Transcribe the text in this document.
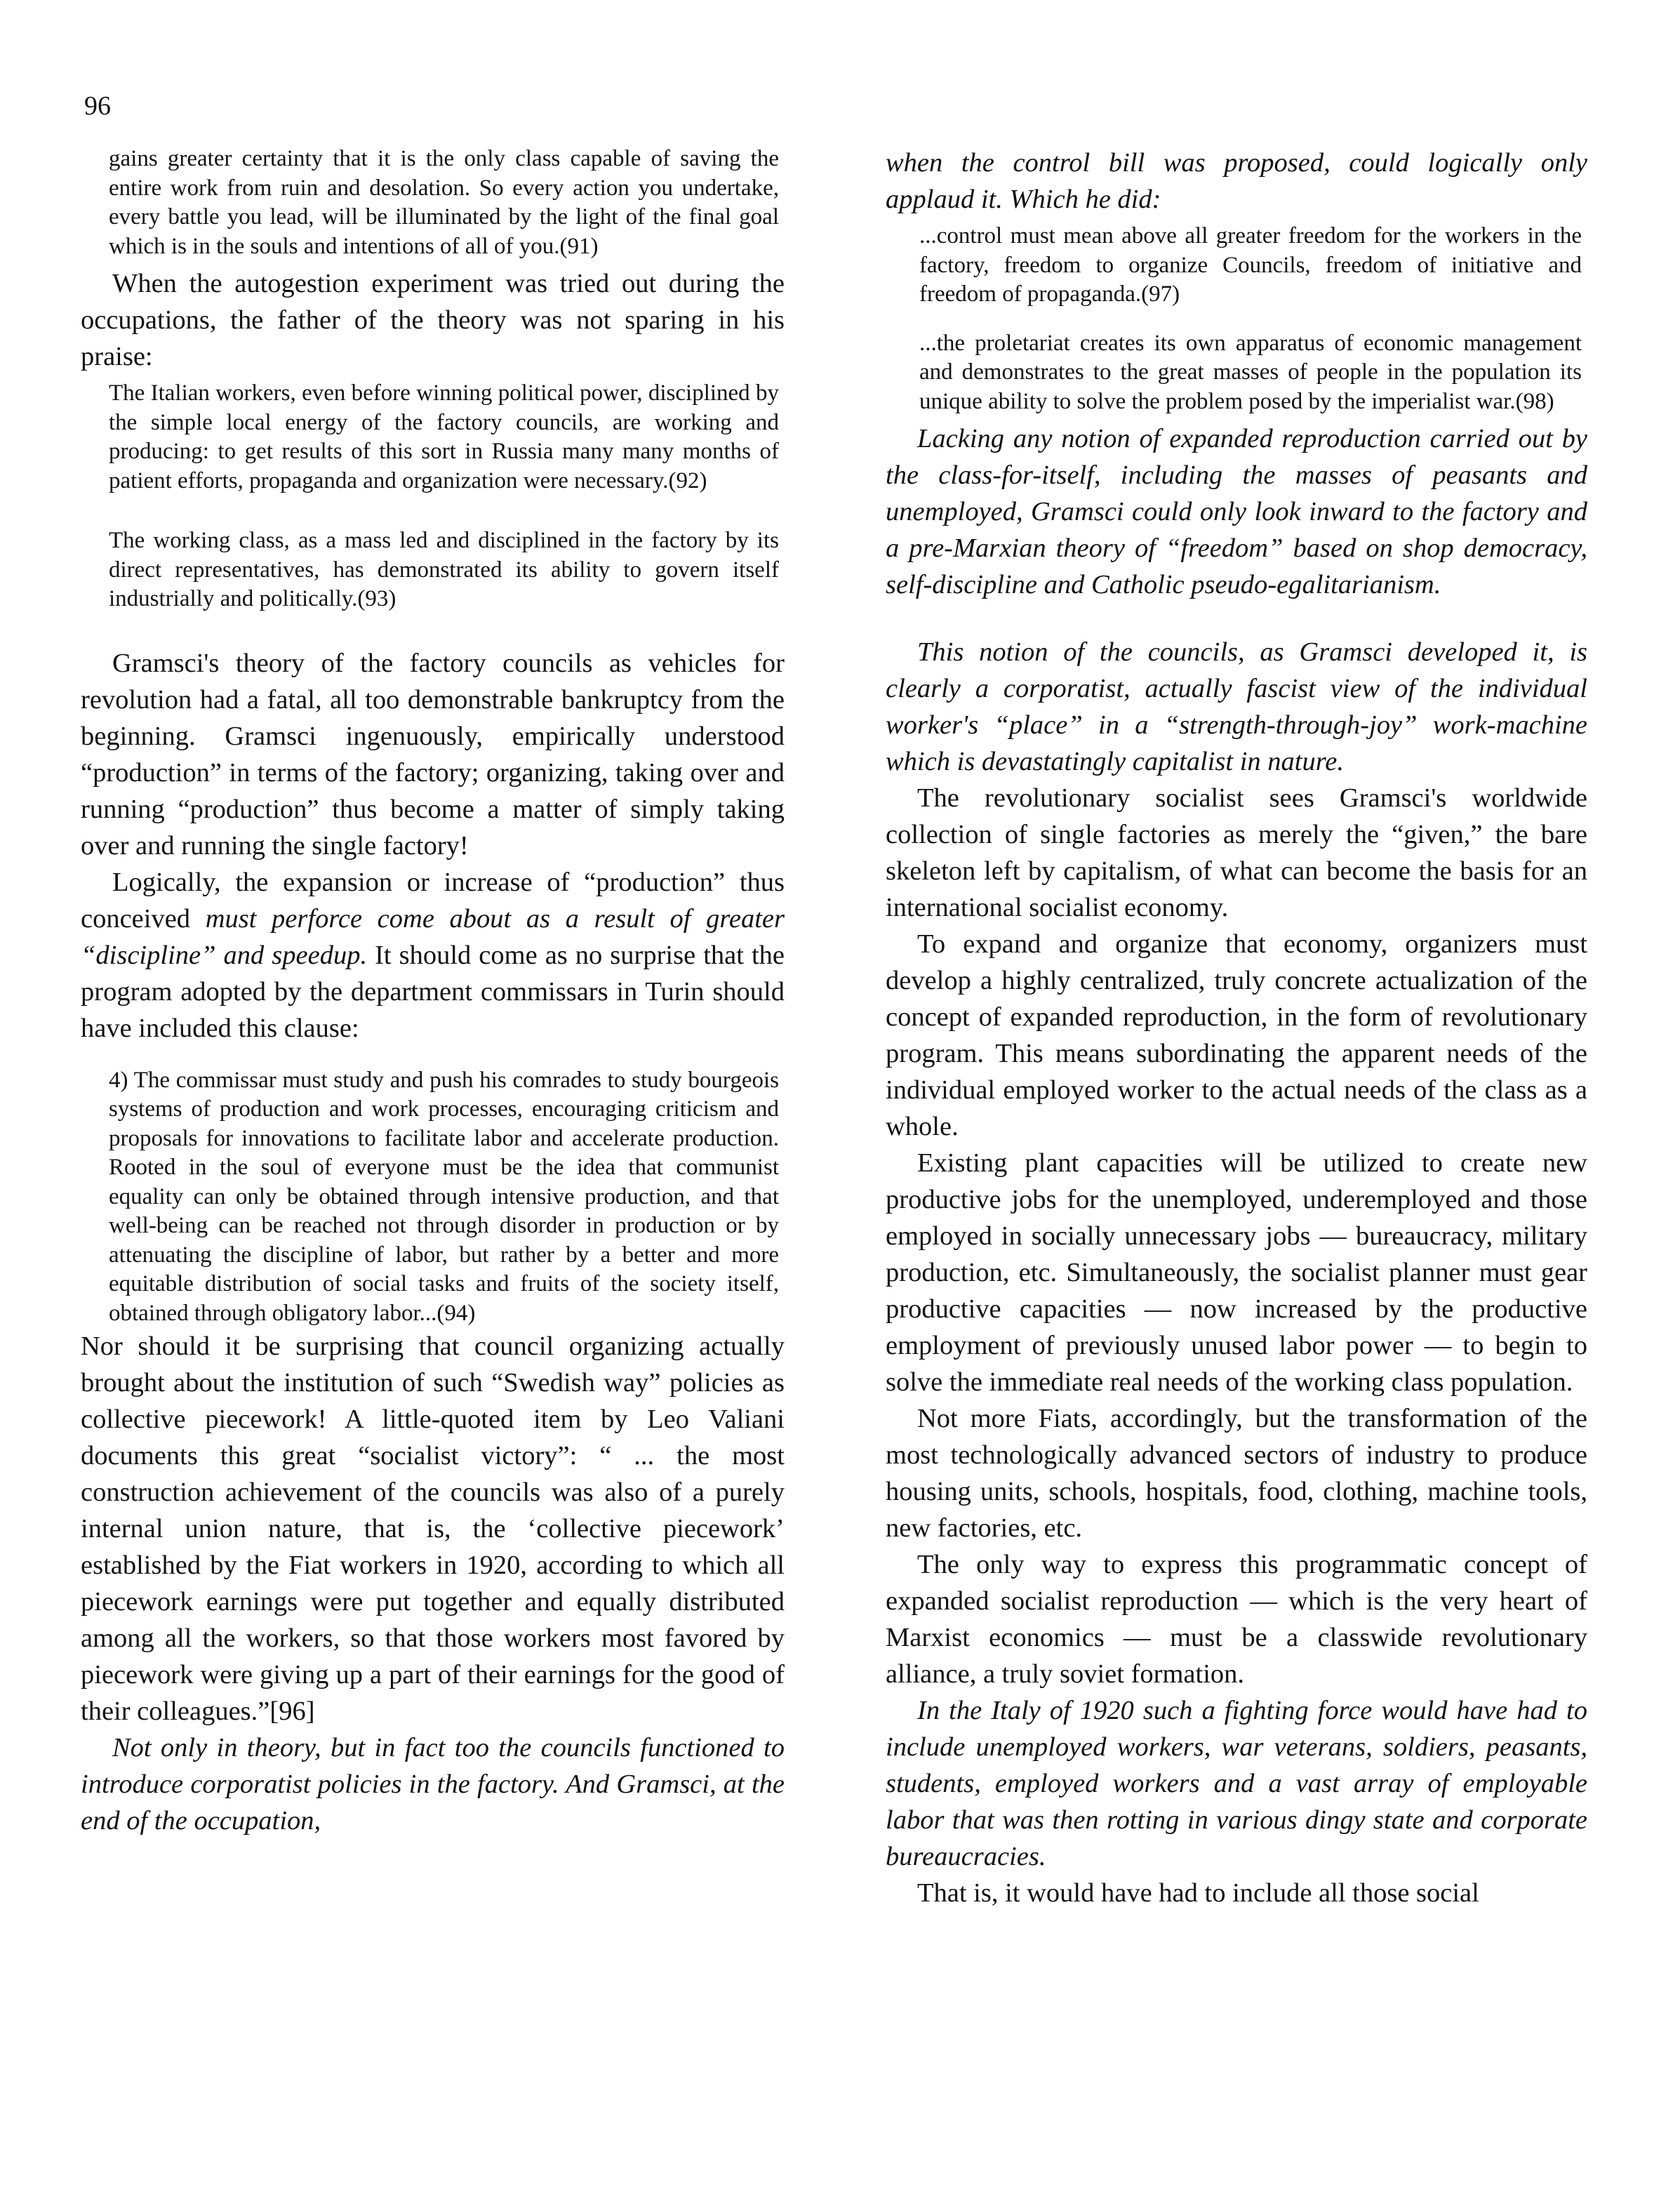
96

gains greater certainty that it is the only class capable of saving the entire work from ruin and desolation. So every action you undertake, every battle you lead, will be illuminated by the light of the final goal which is in the souls and intentions of all of you.(91)

When the autogestion experiment was tried out during the occupations, the father of the theory was not sparing in his praise:

The Italian workers, even before winning political power, disciplined by the simple local energy of the factory councils, are working and producing: to get results of this sort in Russia many many months of patient efforts, propaganda and organization were necessary.(92)

The working class, as a mass led and disciplined in the factory by its direct representatives, has demonstrated its ability to govern itself industrially and politically.(93)

Gramsci's theory of the factory councils as vehicles for revolution had a fatal, all too demonstrable bankruptcy from the beginning. Gramsci ingenuously, empirically understood “production” in terms of the factory; organizing, taking over and running “production” thus become a matter of simply taking over and running the single factory!

Logically, the expansion or increase of “production” thus conceived must perforce come about as a result of greater “discipline” and speedup. It should come as no surprise that the program adopted by the department commissars in Turin should have included this clause:

4) The commissar must study and push his comrades to study bourgeois systems of production and work processes, encouraging criticism and proposals for innovations to facilitate labor and accelerate production. Rooted in the soul of everyone must be the idea that communist equality can only be obtained through intensive production, and that well-being can be reached not through disorder in production or by attenuating the discipline of labor, but rather by a better and more equitable distribution of social tasks and fruits of the society itself, obtained through obligatory labor...(94)

Nor should it be surprising that council organizing actually brought about the institution of such “Swedish way” policies as collective piecework! A little-quoted item by Leo Valiani documents this great “socialist victory”: “ ... the most construction achievement of the councils was also of a purely internal union nature, that is, the ‘collective piecework’ established by the Fiat workers in 1920, according to which all piecework earnings were put together and equally distributed among all the workers, so that those workers most favored by piecework were giving up a part of their earnings for the good of their colleagues.”[96]

Not only in theory, but in fact too the councils functioned to introduce corporatist policies in the factory. And Gramsci, at the end of the occupation,

when the control bill was proposed, could logically only applaud it. Which he did:

...control must mean above all greater freedom for the workers in the factory, freedom to organize Councils, freedom of initiative and freedom of propaganda.(97)

...the proletariat creates its own apparatus of economic management and demonstrates to the great masses of people in the population its unique ability to solve the problem posed by the imperialist war.(98)

Lacking any notion of expanded reproduction carried out by the class-for-itself, including the masses of peasants and unemployed, Gramsci could only look inward to the factory and a pre-Marxian theory of “freedom” based on shop democracy, self-discipline and Catholic pseudo-egalitarianism.

This notion of the councils, as Gramsci developed it, is clearly a corporatist, actually fascist view of the individual worker's “place” in a “strength-through-joy” work-machine which is devastatingly capitalist in nature.

The revolutionary socialist sees Gramsci's worldwide collection of single factories as merely the “given,” the bare skeleton left by capitalism, of what can become the basis for an international socialist economy.

To expand and organize that economy, organizers must develop a highly centralized, truly concrete actualization of the concept of expanded reproduction, in the form of revolutionary program. This means subordinating the apparent needs of the individual employed worker to the actual needs of the class as a whole.

Existing plant capacities will be utilized to create new productive jobs for the unemployed, underemployed and those employed in socially unnecessary jobs — bureaucracy, military production, etc. Simultaneously, the socialist planner must gear productive capacities — now increased by the productive employment of previously unused labor power — to begin to solve the immediate real needs of the working class population.

Not more Fiats, accordingly, but the transformation of the most technologically advanced sectors of industry to produce housing units, schools, hospitals, food, clothing, machine tools, new factories, etc.

The only way to express this programmatic concept of expanded socialist reproduction — which is the very heart of Marxist economics — must be a classwide revolutionary alliance, a truly soviet formation.

In the Italy of 1920 such a fighting force would have had to include unemployed workers, war veterans, soldiers, peasants, students, employed workers and a vast array of employable labor that was then rotting in various dingy state and corporate bureaucracies.

That is, it would have had to include all those social
